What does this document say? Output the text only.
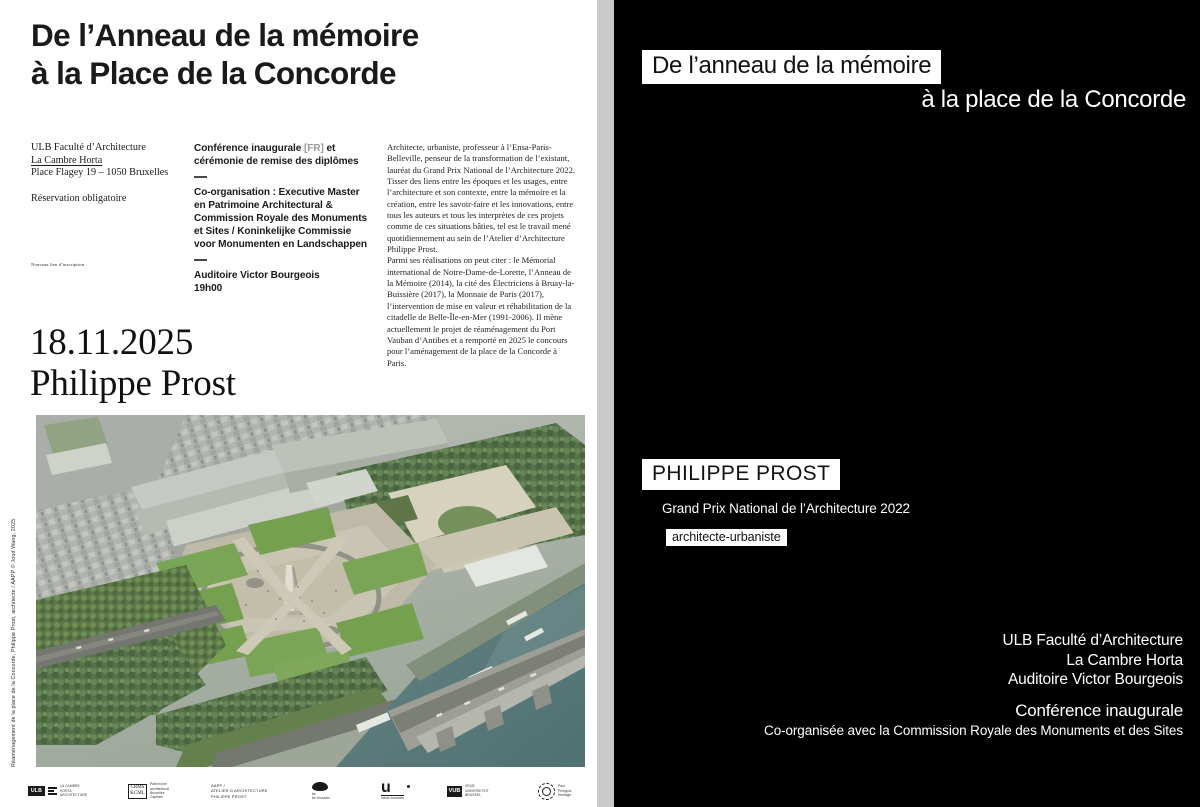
De l’Anneau de la mémoire
à la Place de la Concorde
ULB Faculté d’Architecture
La Cambre Horta
Place Flagey 19 – 1050 Bruxelles
Réservation obligatoire
Nouveau lien d’inscription
Conférence inaugurale [FR] et
cérémonie de remise des diplômes
Co-organisation : Executive Master
en Patrimoine Architectural &
Commission Royale des Monuments
et Sites / Koninkelijke Commissie
voor Monumenten en Landschappen
Auditoire Victor Bourgeois
19h00
Architecte, urbaniste, professeur à l’Ensa-Paris-Belleville, penseur de la transformation de l’existant, lauréat du Grand Prix National de l’Architecture 2022. Tisser des liens entre les époques et les usages, entre l’architecture et son contexte, entre la mémoire et la création, entre les savoir-faire et les innovations, entre tous les auteurs et tous les interprètes de ces projets comme de ces situations bâties, tel est le travail mené quotidiennement au sein de l’Atelier d’Architecture Philippe Prost.
Parmi ses réalisations on peut citer : le Mémorial international de Notre-Dame-de-Lorette, l’Anneau de la Mémoire (2014), la cité des Électriciens à Bruay-la- Buissière (2017), la Monnaie de Paris (2017), l’intervention de mise en valeur et réhabilitation de la citadelle de Belle-Île-en-Mer (1991-2006). Il mène actuellement le projet de réaménagement du Port Vauban d’Antibes et a remporté en 2025 le concours pour l’aménagement de la place de la Concorde à Paris.
18.11.2025
Philippe Prost
Réaménagement de la place de la Concorde, Philippe Prost, architecte / AAPP © Joud Wang, 2025
ULB
LA CAMBRE
HORTA
ARCHITECTURE
CRMS
KCML
Patrimoine
architectural
Bruxelles
Capitale
AAPP /
ATELIER D’ARCHITECTURE
PHILIPPE PROST
be
be.brussels
u
urban.brussels
VUB
VRIJE
UNIVERSITEIT
BRUSSEL
Paul
Philippot
Heritage
De l’anneau de la mémoire
à la place de la Concorde
PHILIPPE PROST
Grand Prix National de l’Architecture 2022
architecte-urbaniste
ULB Faculté d’Architecture
La Cambre Horta
Auditoire Victor Bourgeois
Conférence inaugurale
Co-organisée avec la Commission Royale des Monuments et des Sites
